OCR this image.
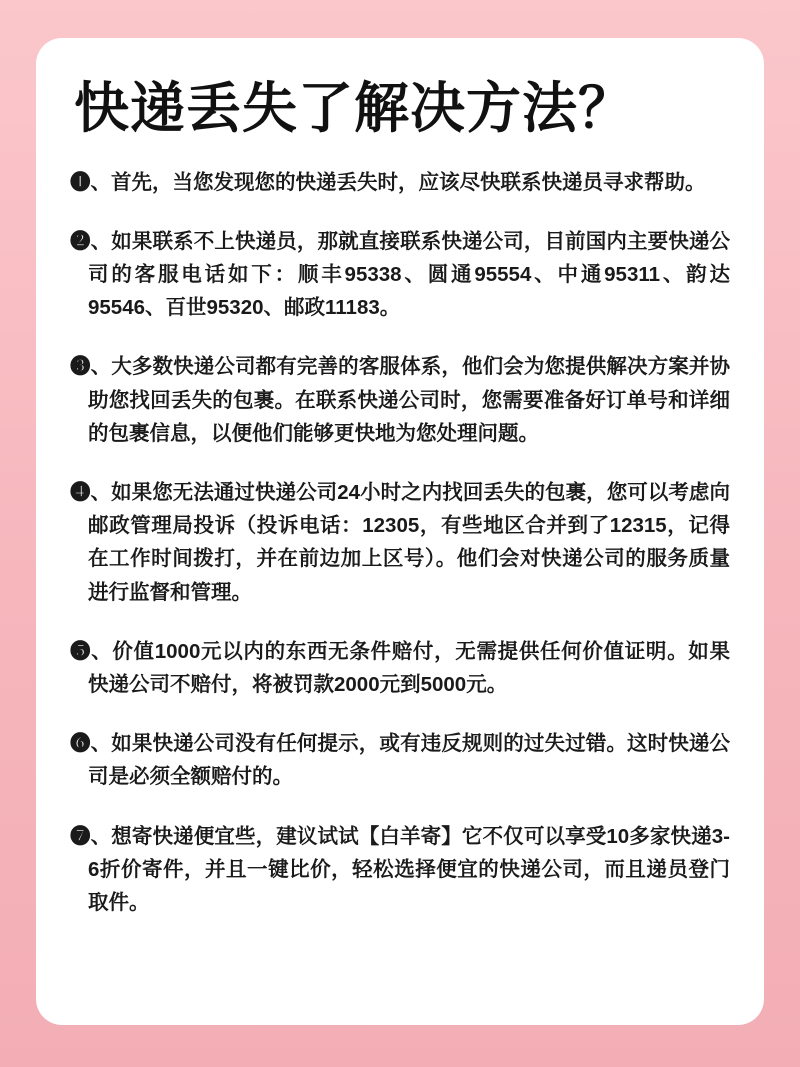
快递丢失了解决方法？

❶、首先，当您发现您的快递丢失时，应该尽快联系快递员寻求帮助。

❷、如果联系不上快递员，那就直接联系快递公司，目前国内主要快递公司的客服电话如下：顺丰95338、圆通95554、中通95311、韵达95546、百世95320、邮政11183。

❸、大多数快递公司都有完善的客服体系，他们会为您提供解决方案并协助您找回丢失的包裹。在联系快递公司时，您需要准备好订单号和详细的包裹信息，以便他们能够更快地为您处理问题。

❹、如果您无法通过快递公司24小时之内找回丢失的包裹，您可以考虑向邮政管理局投诉（投诉电话：12305，有些地区合并到了12315，记得在工作时间拨打，并在前边加上区号）。他们会对快递公司的服务质量进行监督和管理。

❺、价值1000元以内的东西无条件赔付，无需提供任何价值证明。如果快递公司不赔付，将被罚款2000元到5000元。

❻、如果快递公司没有任何提示，或有违反规则的过失过错。这时快递公司是必须全额赔付的。

❼、想寄快递便宜些，建议试试【白羊寄】它不仅可以享受10多家快递3-6折价寄件，并且一键比价，轻松选择便宜的快递公司，而且递员登门取件。
